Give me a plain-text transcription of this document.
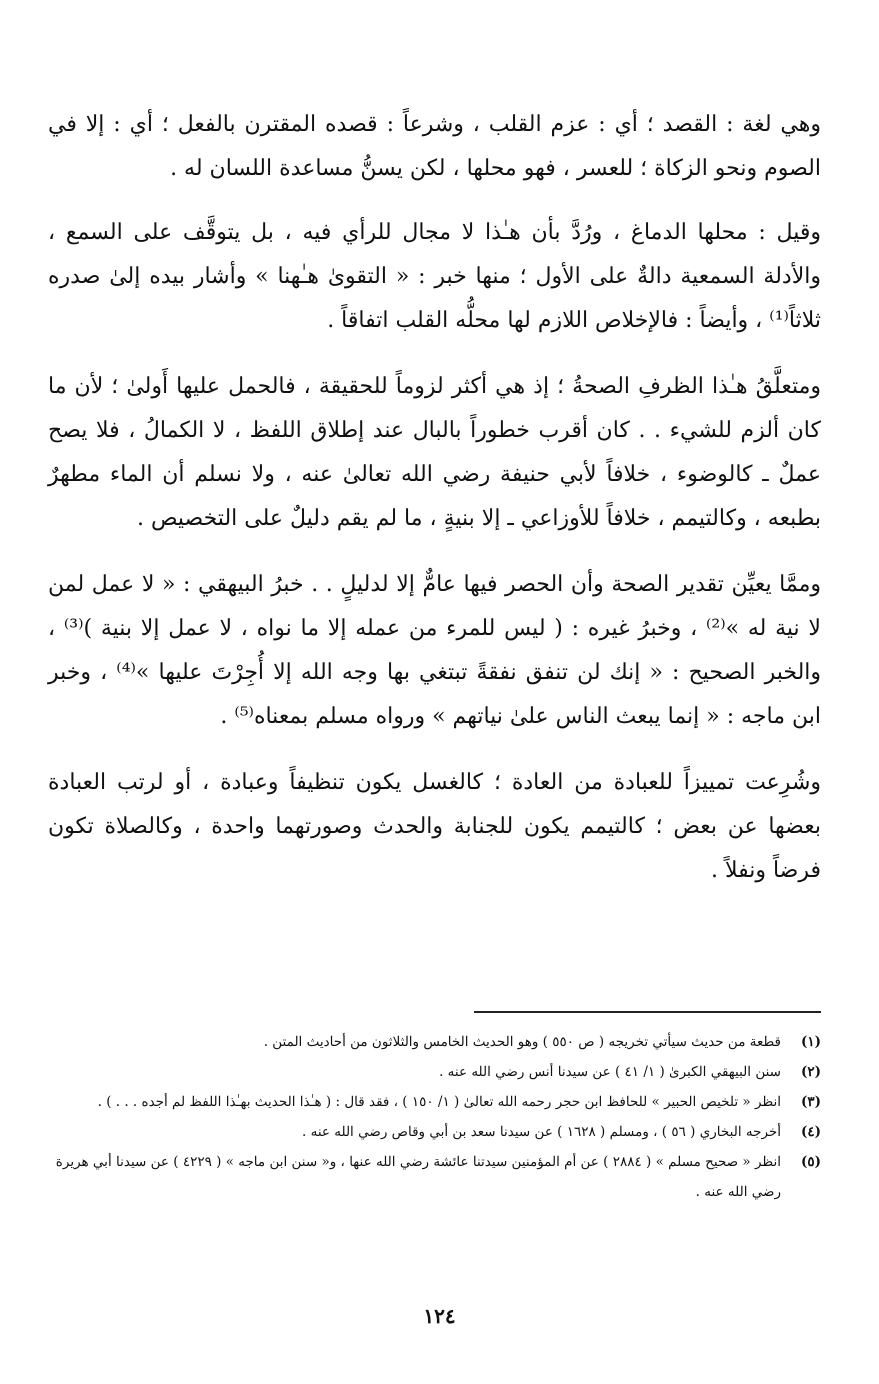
وهي لغة : القصد ؛ أي : عزم القلب ، وشرعاً : قصده المقترن بالفعل ؛ أي : إلا في الصوم ونحو الزكاة ؛ للعسر ، فهو محلها ، لكن يسنُّ مساعدة اللسان له .

وقيل : محلها الدماغ ، ورُدَّ بأن هـٰذا لا مجال للرأي فيه ، بل يتوقَّف على السمع ، والأدلة السمعية دالةٌ على الأول ؛ منها خبر : « التقوىٰ هـٰهنا » وأشار بيده إلىٰ صدره ثلاثاً⁽¹⁾ ، وأيضاً : فالإخلاص اللازم لها محلُّه القلب اتفاقاً .

ومتعلَّقُ هـٰذا الظرفِ الصحةُ ؛ إذ هي أكثر لزوماً للحقيقة ، فالحمل عليها أَولىٰ ؛ لأن ما كان ألزم للشيء . . كان أقرب خطوراً بالبال عند إطلاق اللفظ ، لا الكمالُ ، فلا يصح عملٌ ـ كالوضوء ، خلافاً لأبي حنيفة رضي الله تعالىٰ عنه ، ولا نسلم أن الماء مطهرٌ بطبعه ، وكالتيمم ، خلافاً للأوزاعي ـ إلا بنيةٍ ، ما لم يقم دليلٌ على التخصيص .

وممَّا يعيِّن تقدير الصحة وأن الحصر فيها عامٌّ إلا لدليلٍ . . خبرُ البيهقي : « لا عمل لمن لا نية له »⁽²⁾ ، وخبرُ غيره : ( ليس للمرء من عمله إلا ما نواه ، لا عمل إلا بنية )⁽³⁾ ، والخبر الصحيح : « إنك لن تنفق نفقةً تبتغي بها وجه الله إلا أُجِرْتَ عليها »⁽⁴⁾ ، وخبر ابن ماجه : « إنما يبعث الناس علىٰ نياتهم » ورواه مسلم بمعناه⁽⁵⁾ .

وشُرِعت تمييزاً للعبادة من العادة ؛ كالغسل يكون تنظيفاً وعبادة ، أو لرتب العبادة بعضها عن بعض ؛ كالتيمم يكون للجنابة والحدث وصورتهما واحدة ، وكالصلاة تكون فرضاً ونفلاً .

(١)
قطعة من حديث سيأتي تخريجه ( ص ٥٥٠ ) وهو الحديث الخامس والثلاثون من أحاديث المتن .
(٢)
سنن البيهقي الكبرىٰ ( ١/ ٤١ ) عن سيدنا أنس رضي الله عنه .
(٣)
انظر « تلخيص الحبير » للحافظ ابن حجر رحمه الله تعالىٰ ( ١/ ١٥٠ ) ، فقد قال : ( هـٰذا الحديث بهـٰذا اللفظ لم أجده . . . ) .
(٤)
أخرجه البخاري ( ٥٦ ) ، ومسلم ( ١٦٢٨ ) عن سيدنا سعد بن أبي وقاص رضي الله عنه .
(٥)
انظر « صحيح مسلم » ( ٢٨٨٤ ) عن أم المؤمنين سيدتنا عائشة رضي الله عنها ، و« سنن ابن ماجه » ( ٤٢٢٩ ) عن سيدنا أبي هريرة رضي الله عنه .
١٢٤
